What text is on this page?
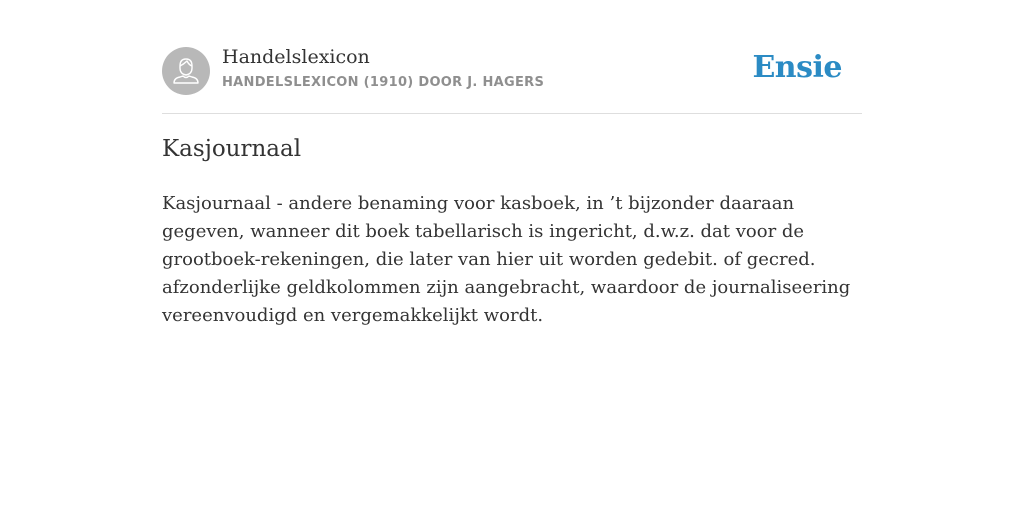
Handelslexicon
HANDELSLEXICON (1910) DOOR J. HAGERS	Ensie
Kasjournaal

Kasjournaal - andere benaming voor kasboek, in ’t bijzonder daaraan gegeven, wanneer dit boek tabellarisch is ingericht, d.w.z. dat voor de grootboek-rekeningen, die later van hier uit worden gedebit. of gecred. afzonderlijke geldkolommen zijn aangebracht, waardoor de journaliseering vereenvoudigd en vergemakkelijkt wordt.
